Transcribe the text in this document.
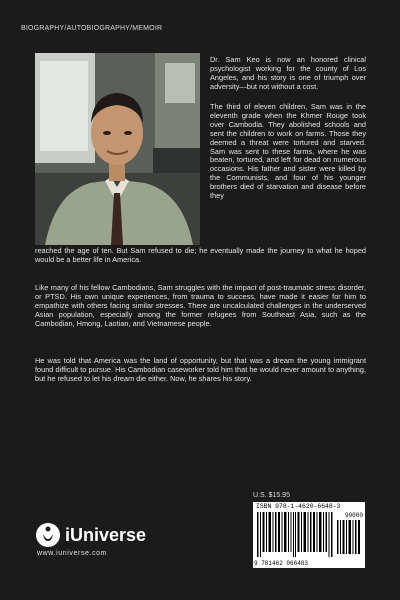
BIOGRAPHY/AUTOBIOGRAPHY/MEMOIR
Dr. Sam Keo is now an honored clinical psychologist working for the county of Los Angeles, and his story is one of triumph over adversity—but not without a cost.
The third of eleven children, Sam was in the eleventh grade when the Khmer Rouge took over Cambodia. They abolished schools and sent the children to work on farms. Those they deemed a threat were tortured and starved. Sam was sent to these farms, where he was beaten, tortured, and left for dead on numerous occasions. His father and sister were killed by the Communists, and four of his younger brothers died of starvation and disease before they
reached the age of ten. But Sam refused to die; he eventually made the journey to what he hoped would be a better life in America.
Like many of his fellow Cambodians, Sam struggles with the impact of post-traumatic stress disorder, or PTSD. His own unique experiences, from trauma to success, have made it easier for him to empathize with others facing similar stresses. There are uncalculated challenges in the underserved Asian population, especially among the former refugees from Southeast Asia, such as the Cambodian, Hmong, Laotian, and Vietnamese people.
He was told that America was the land of opportunity, but that was a dream the young immigrant found difficult to pursue. His Cambodian caseworker told him that he would never amount to anything, but he refused to let his dream die either. Now, he shares his story.
U.S. $15.95
ISBN 978-1-4620-6648-3
90000
9 781462 066483
iUniverse
www.iuniverse.com
